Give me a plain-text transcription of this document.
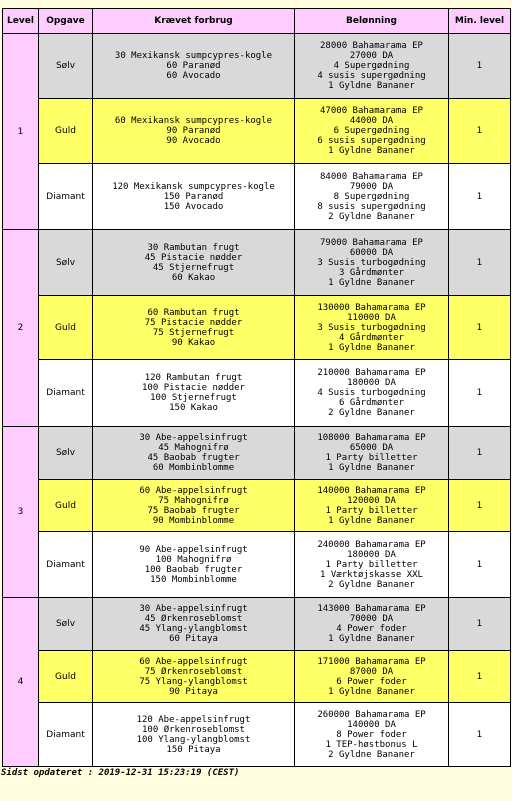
Level	Opgave	Krævet forbrug	Belønning	Min. level
1	Sølv	30 Mexikansk sumpcypres-kogle
60 Paranød
60 Avocado	28000 Bahamarama EP
27000 DA
4 Supergødning
4 susis supergødning
1 Gyldne Bananer	1
	Guld	60 Mexikansk sumpcypres-kogle
90 Paranød
90 Avocado	47000 Bahamarama EP
44000 DA
6 Supergødning
6 susis supergødning
1 Gyldne Bananer	1
	Diamant	120 Mexikansk sumpcypres-kogle
150 Paranød
150 Avocado	84000 Bahamarama EP
79000 DA
8 Supergødning
8 susis supergødning
2 Gyldne Bananer	1
2	Sølv	30 Rambutan frugt
45 Pistacie nødder
45 Stjernefrugt
60 Kakao	79000 Bahamarama EP
60000 DA
3 Susis turbogødning
3 Gårdmønter
1 Gyldne Bananer	1
	Guld	60 Rambutan frugt
75 Pistacie nødder
75 Stjernefrugt
90 Kakao	130000 Bahamarama EP
110000 DA
3 Susis turbogødning
4 Gårdmønter
1 Gyldne Bananer	1
	Diamant	120 Rambutan frugt
100 Pistacie nødder
100 Stjernefrugt
150 Kakao	210000 Bahamarama EP
180000 DA
4 Susis turbogødning
6 Gårdmønter
2 Gyldne Bananer	1
3	Sølv	30 Abe-appelsinfrugt
45 Mahognifrø
45 Baobab frugter
60 Mombinblomme	108000 Bahamarama EP
65000 DA
1 Party billetter
1 Gyldne Bananer	1
	Guld	60 Abe-appelsinfrugt
75 Mahognifrø
75 Baobab frugter
90 Mombinblomme	140000 Bahamarama EP
120000 DA
1 Party billetter
1 Gyldne Bananer	1
	Diamant	90 Abe-appelsinfrugt
100 Mahognifrø
100 Baobab frugter
150 Mombinblomme	240000 Bahamarama EP
180000 DA
1 Party billetter
1 Værktøjskasse XXL
2 Gyldne Bananer	1
4	Sølv	30 Abe-appelsinfrugt
45 Ørkenroseblomst
45 Ylang-ylangblomst
60 Pitaya	143000 Bahamarama EP
70000 DA
4 Power foder
1 Gyldne Bananer	1
	Guld	60 Abe-appelsinfrugt
75 Ørkenroseblomst
75 Ylang-ylangblomst
90 Pitaya	171000 Bahamarama EP
87000 DA
6 Power foder
1 Gyldne Bananer	1
	Diamant	120 Abe-appelsinfrugt
100 Ørkenroseblomst
100 Ylang-ylangblomst
150 Pitaya	260000 Bahamarama EP
140000 DA
8 Power foder
1 TEP-høstbonus L
2 Gyldne Bananer	1
Sidst opdateret : 2019-12-31 15:23:19 (CEST)
